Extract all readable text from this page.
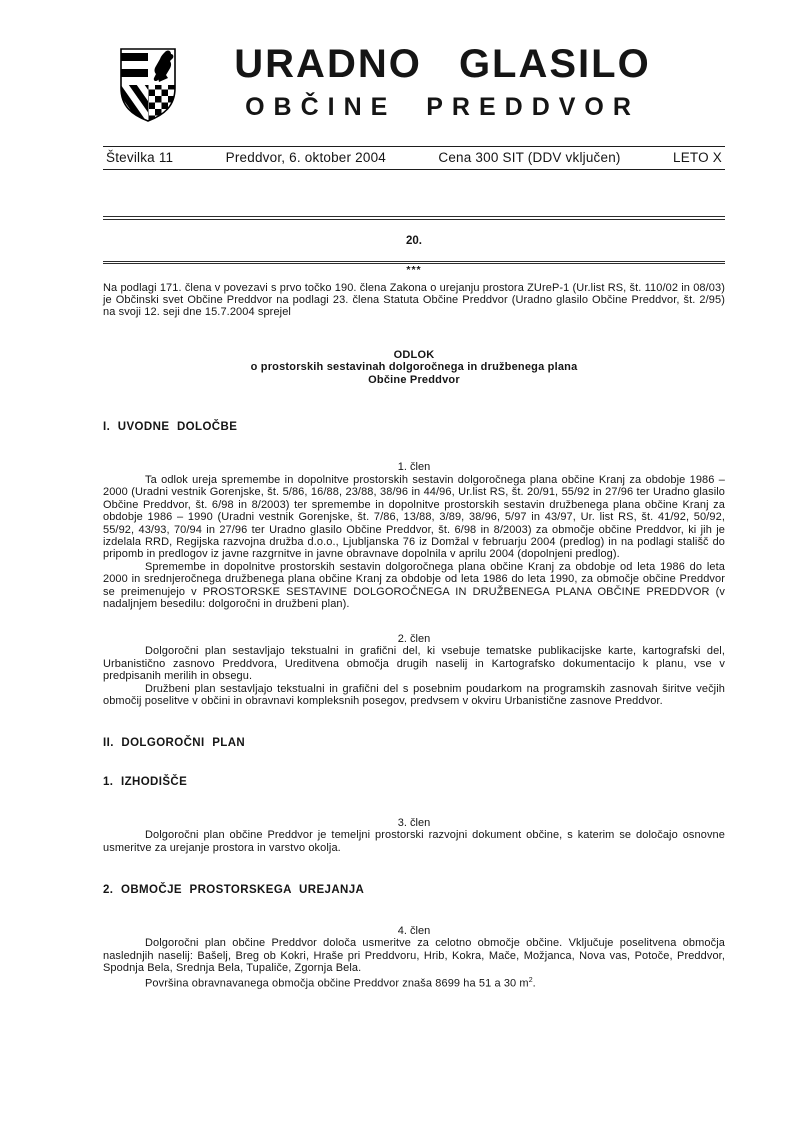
URADNO GLASILO
OBČINE PREDDVOR
Številka 11	Preddvor, 6. oktober 2004	Cena 300 SIT (DDV vključen)	LETO X
20.
***

Na podlagi 171. člena v povezavi s prvo točko 190. člena Zakona o urejanju prostora ZUreP-1 (Ur.list RS, št. 110/02 in 08/03) je Občinski svet Občine Preddvor na podlagi 23. člena Statuta Občine Preddvor (Uradno glasilo Občine Preddvor, št. 2/95) na svoji 12. seji dne 15.7.2004 sprejel

ODLOK
o prostorskih sestavinah dolgoročnega in družbenega plana
Občine Preddvor
I. UVODNE DOLOČBE
1. člen

Ta odlok ureja spremembe in dopolnitve prostorskih sestavin dolgoročnega plana občine Kranj za obdobje 1986 – 2000 (Uradni vestnik Gorenjske, št. 5/86, 16/88, 23/88, 38/96 in 44/96, Ur.list RS, št. 20/91, 55/92 in 27/96 ter Uradno glasilo Občine Preddvor, št. 6/98 in 8/2003) ter spremembe in dopolnitve prostorskih sestavin družbenega plana občine Kranj za obdobje 1986 – 1990 (Uradni vestnik Gorenjske, št. 7/86, 13/88, 3/89, 38/96, 5/97 in 43/97, Ur. list RS, št. 41/92, 50/92, 55/92, 43/93, 70/94 in 27/96 ter Uradno glasilo Občine Preddvor, št. 6/98 in 8/2003) za območje občine Preddvor, ki jih je izdelala RRD, Regijska razvojna družba d.o.o., Ljubljanska 76 iz Domžal v februarju 2004 (predlog) in na podlagi stališč do pripomb in predlogov iz javne razgrnitve in javne obravnave dopolnila v aprilu 2004 (dopolnjeni predlog).

Spremembe in dopolnitve prostorskih sestavin dolgoročnega plana občine Kranj za obdobje od leta 1986 do leta 2000 in srednjeročnega družbenega plana občine Kranj za obdobje od leta 1986 do leta 1990, za območje občine Preddvor se preimenujejo v PROSTORSKE SESTAVINE DOLGOROČNEGA IN DRUŽBENEGA PLANA OBČINE PREDDVOR (v nadaljnjem besedilu: dolgoročni in družbeni plan).

2. člen

Dolgoročni plan sestavljajo tekstualni in grafični del, ki vsebuje tematske publikacijske karte, kartografski del, Urbanistično zasnovo Preddvora, Ureditvena območja drugih naselij in Kartografsko dokumentacijo k planu, vse v predpisanih merilih in obsegu.

Družbeni plan sestavljajo tekstualni in grafični del s posebnim poudarkom na programskih zasnovah širitve večjih območij poselitve v občini in obravnavi kompleksnih posegov, predvsem v okviru Urbanistične zasnove Preddvor.

II. DOLGOROČNI PLAN
1. IZHODIŠČE
3. člen

Dolgoročni plan občine Preddvor je temeljni prostorski razvojni dokument občine, s katerim se določajo osnovne usmeritve za urejanje prostora in varstvo okolja.

2. OBMOČJE PROSTORSKEGA UREJANJA
4. člen

Dolgoročni plan občine Preddvor določa usmeritve za celotno območje občine. Vključuje poselitvena območja naslednjih naselij: Bašelj, Breg ob Kokri, Hraše pri Preddvoru, Hrib, Kokra, Mače, Možjanca, Nova vas, Potoče, Preddvor, Spodnja Bela, Srednja Bela, Tupaliče, Zgornja Bela.

Površina obravnavanega območja občine Preddvor znaša 8699 ha 51 a 30 $m^2$.
